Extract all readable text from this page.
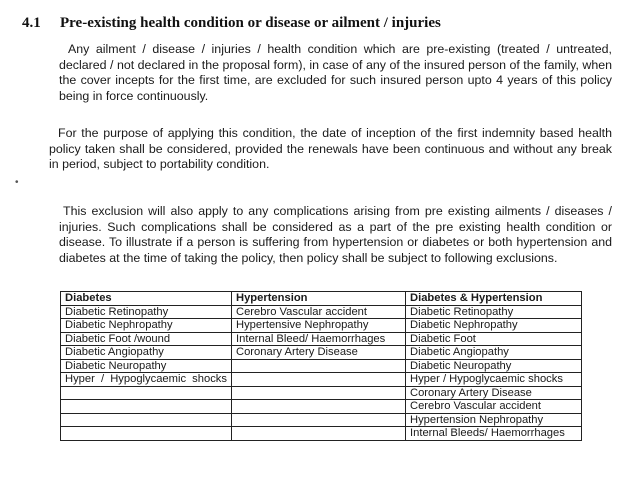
4.1 Pre-existing health condition or disease or ailment / injuries

Any ailment / disease / injuries / health condition which are pre-existing (treated / untreated, declared / not declared in the proposal form), in case of any of the insured person of the family, when the cover incepts for the first time, are excluded for such insured person upto 4 years of this policy being in force continuously.

For the purpose of applying this condition, the date of inception of the first indemnity based health policy taken shall be considered, provided the renewals have been continuous and without any break in period, subject to portability condition.

•

This exclusion will also apply to any complications arising from pre existing ailments / diseases / injuries. Such complications shall be considered as a part of the pre existing health condition or disease. To illustrate if a person is suffering from hypertension or diabetes or both hypertension and diabetes at the time of taking the policy, then policy shall be subject to following exclusions.

Diabetes	Hypertension	Diabetes & Hypertension
Diabetic Retinopathy	Cerebro Vascular accident	Diabetic Retinopathy
Diabetic Nephropathy	Hypertensive Nephropathy	Diabetic Nephropathy
Diabetic Foot /wound	Internal Bleed/ Haemorrhages	Diabetic Foot
Diabetic Angiopathy	Coronary Artery Disease	Diabetic Angiopathy
Diabetic Neuropathy		Diabetic Neuropathy
Hyper / Hypoglycaemic shocks		Hyper / Hypoglycaemic shocks
		Coronary Artery Disease
		Cerebro Vascular accident
		Hypertension Nephropathy
		Internal Bleeds/ Haemorrhages
